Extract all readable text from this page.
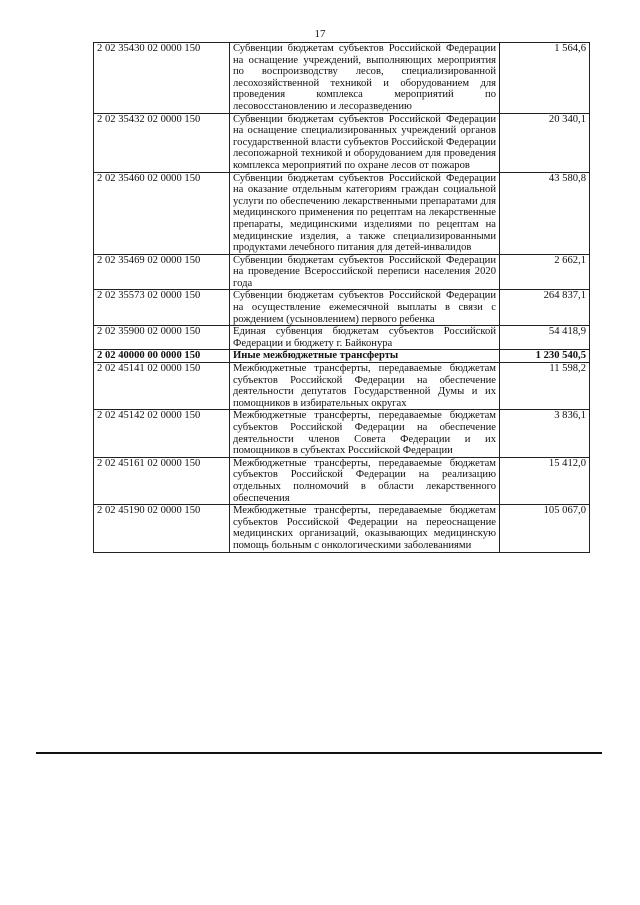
17
2 02 35430 02 0000 150	Субвенции бюджетам субъектов Российской Федерации на оснащение учреждений, выполняющих мероприятия по воспроизводству лесов, специализированной лесохозяйственной техникой и оборудованием для проведения комплекса мероприятий по лесовосстановлению и лесоразведению	1 564,6
2 02 35432 02 0000 150	Субвенции бюджетам субъектов Российской Федерации на оснащение специализированных учреждений органов государственной власти субъектов Российской Федерации лесопожарной техникой и оборудованием для проведения комплекса мероприятий по охране лесов от пожаров	20 340,1
2 02 35460 02 0000 150	Субвенции бюджетам субъектов Российской Федерации на оказание отдельным категориям граждан социальной услуги по обеспечению лекарственными препаратами для медицинского применения по рецептам на лекарственные препараты, медицинскими изделиями по рецептам на медицинские изделия, а также специализированными продуктами лечебного питания для детей-инвалидов	43 580,8
2 02 35469 02 0000 150	Субвенции бюджетам субъектов Российской Федерации на проведение Всероссийской переписи населения 2020 года	2 662,1
2 02 35573 02 0000 150	Субвенции бюджетам субъектов Российской Федерации на осуществление ежемесячной выплаты в связи с рождением (усыновлением) первого ребенка	264 837,1
2 02 35900 02 0000 150	Единая субвенция бюджетам субъектов Российской Федерации и бюджету г. Байконура	54 418,9
2 02 40000 00 0000 150	Иные межбюджетные трансферты	1 230 540,5
2 02 45141 02 0000 150	Межбюджетные трансферты, передаваемые бюджетам субъектов Российской Федерации на обеспечение деятельности депутатов Государственной Думы и их помощников в избирательных округах	11 598,2
2 02 45142 02 0000 150	Межбюджетные трансферты, передаваемые бюджетам субъектов Российской Федерации на обеспечение деятельности членов Совета Федерации и их помощников в субъектах Российской Федерации	3 836,1
2 02 45161 02 0000 150	Межбюджетные трансферты, передаваемые бюджетам субъектов Российской Федерации на реализацию отдельных полномочий в области лекарственного обеспечения	15 412,0
2 02 45190 02 0000 150	Межбюджетные трансферты, передаваемые бюджетам субъектов Российской Федерации на переоснащение медицинских организаций, оказывающих медицинскую помощь больным с онкологическими заболеваниями	105 067,0
